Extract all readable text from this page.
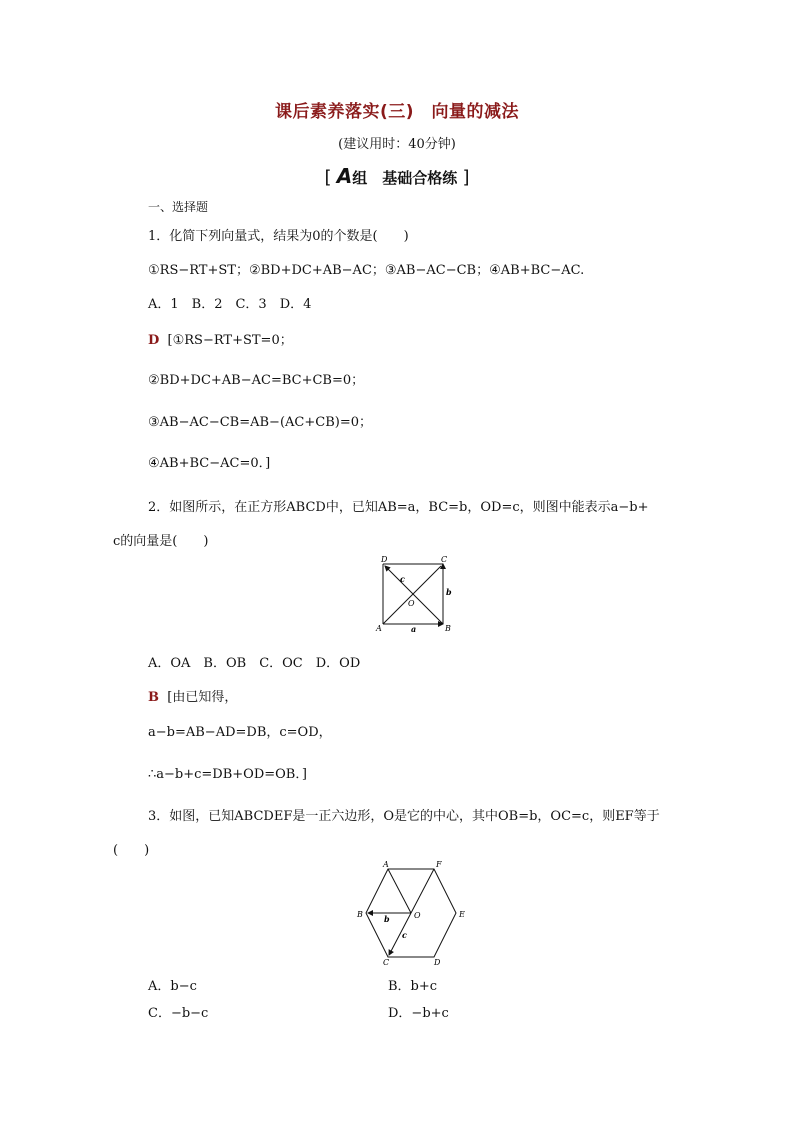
课后素养落实(三)　向量的减法
(建议用时：40分钟)
[ A组　基础合格练 ]
一、选择题
1．化简下列向量式，结果为0的个数是(　　)
①RS−RT+ST；②BD+DC+AB−AC；③AB−AC−CB；④AB+BC−AC.
A．1　B．2　C．3　D．4
D [①RS−RT+ST=0；
②BD+DC+AB−AC=BC+CB=0；
③AB−AC−CB=AB−(AC+CB)=0；
④AB+BC−AC=0．]
2．如图所示，在正方形ABCD中，已知AB=a，BC=b，OD=c，则图中能表示a−b+
c的向量是(　　)
D	C
A	B
O
a
b
c
A．OA　B．OB　C．OC　D．OD
B [由已知得，
a−b=AB−AD=DB，c=OD，
∴a−b+c=DB+OD=OB．]
3．如图，已知ABCDEF是一正六边形，O是它的中心，其中OB=b，OC=c，则EF等于
(　　)
A	F
B	E
C	D
O
b
c
A．b−c	B．b+c
C．−b−c	D．−b+c
